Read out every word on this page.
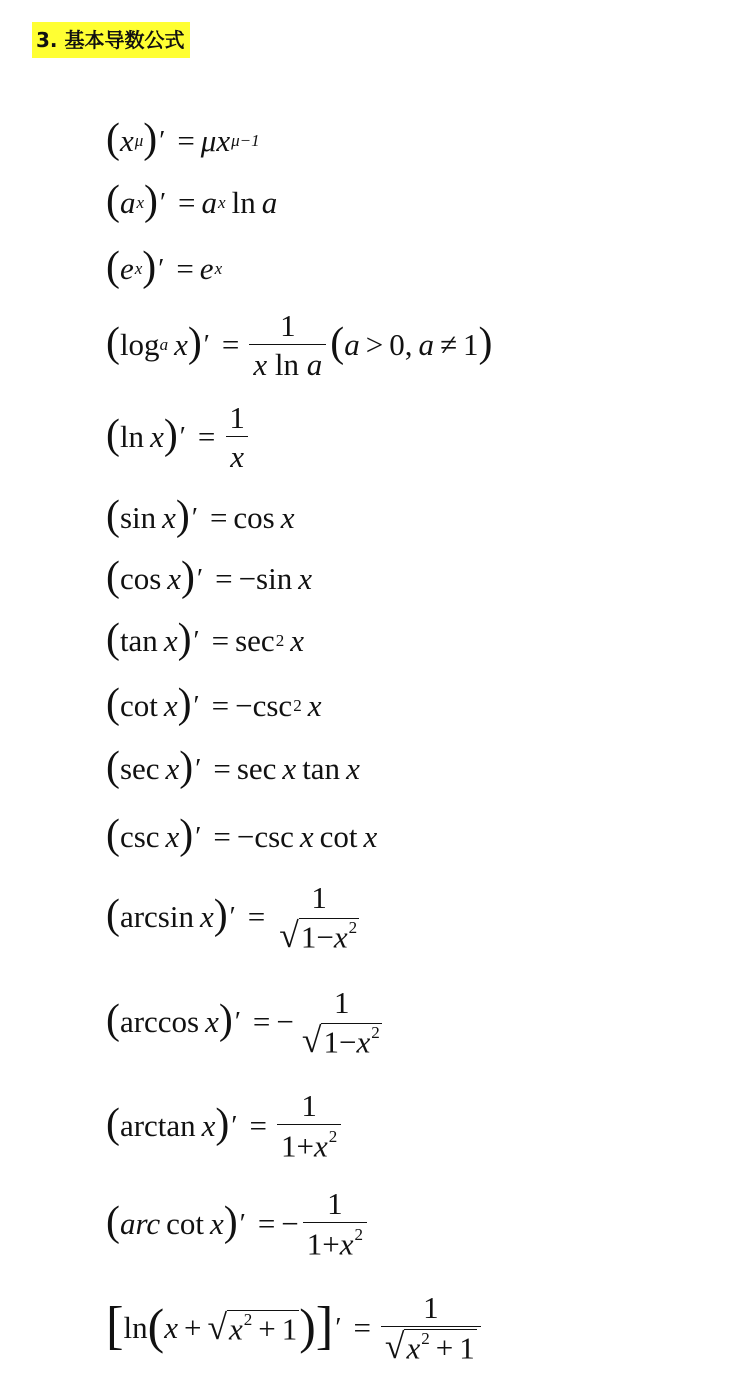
3. 基本导数公式
( x μ ) ′ = μ x μ−1
( a x ) ′ = a x ln a
( e x ) ′ = e x
( log a x ) ′ = $\frac{1}{\text{x ln a}}$ ( a > 0 , a ≠ 1 )
( ln x ) ′ = $\frac{1}{x}$
( sin x ) ′ = cos x
( cos x ) ′ = − sin x
( tan x ) ′ = sec 2 x
( cot x ) ′ = − csc 2 x
( sec x ) ′ = sec x tan x
( csc x ) ′ = − csc x cot x
( arcsin x ) ′ =
1
√ $1-x^2$
( arccos x ) ′ = −
1
√ $1-x^2$
( arctan x ) ′ = $\frac{1}{1+x^2}$
( arc cot x ) ′ = − $\frac{1}{1+x^2}$
[ ln ( x + √ $x^2 + 1$ ) ] ′ = $\frac{1}{√ x^2 + 1}$
